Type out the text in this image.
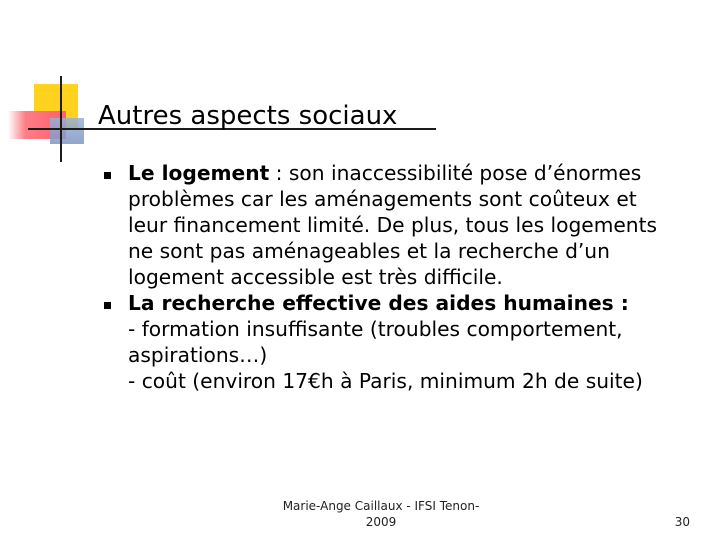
Autres aspects sociaux
Le logement : son inaccessibilité pose d’énormes
problèmes car les aménagements sont coûteux et
leur financement limité. De plus, tous les logements
ne sont pas aménageables et la recherche d’un
logement accessible est très difficile.
La recherche effective des aides humaines :
- formation insuffisante (troubles comportement,
aspirations…)
- coût (environ 17€h à Paris, minimum 2h de suite)
Marie-Ange Caillaux - IFSI Tenon-
2009	30
